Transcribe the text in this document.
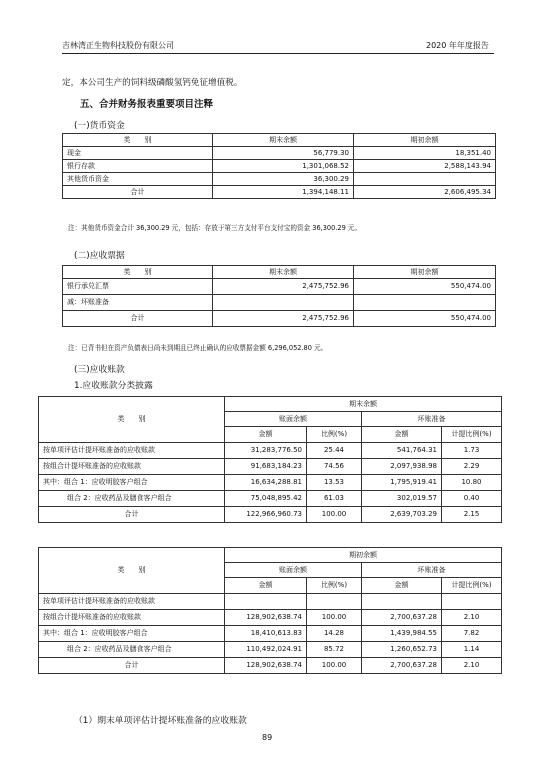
吉林湾正生物科技股份有限公司	2020 年年度报告
定，本公司生产的饲料级磷酸氢钙免征增值税。
五、合并财务报表重要项目注释
(一)货币资金
类　　别	期末余额	期初余额
现金	56,779.30	18,351.40
银行存款	1,301,068.52	2,588,143.94
其他货币资金	36,300.29	
合计	1,394,148.11	2,606,495.34
注：其他货币资金合计 36,300.29 元，包括：存放于第三方支付平台支付宝的资金 36,300.29 元。
(二)应收票据
类　　别	期末余额	期初余额
银行承兑汇票	2,475,752.96	550,474.00
减：坏账准备		
合计	2,475,752.96	550,474.00
注：已背书但在资产负债表日尚未到期且已终止确认的应收票据金额 6,296,052.80 元。
(三)应收账款
1.应收账款分类披露
类　　别	期末余额			
	账面余额		坏账准备	
	金额	比例(%)	金额	计提比例(%)
按单项评估计提坏账准备的应收账款	31,283,776.50	25.44	541,764.31	1.73
按组合计提坏账准备的应收账款	91,683,184.23	74.56	2,097,938.98	2.29
其中：组合 1：应收明胶客户组合	16,634,288.81	13.53	1,795,919.41	10.80
组合 2：应收药品及膳食客户组合	75,048,895.42	61.03	302,019.57	0.40
合计	122,966,960.73	100.00	2,639,703.29	2.15
类　　别	期初余额			
	账面余额		坏账准备	
	金额	比例(%)	金额	计提比例(%)
按单项评估计提坏账准备的应收账款				
按组合计提坏账准备的应收账款	128,902,638.74	100.00	2,700,637.28	2.10
其中：组合 1：应收明胶客户组合	18,410,613.83	14.28	1,439,984.55	7.82
组合 2：应收药品及膳食客户组合	110,492,024.91	85.72	1,260,652.73	1.14
合计	128,902,638.74	100.00	2,700,637.28	2.10
（1）期末单项评估计提坏账准备的应收账款
89
